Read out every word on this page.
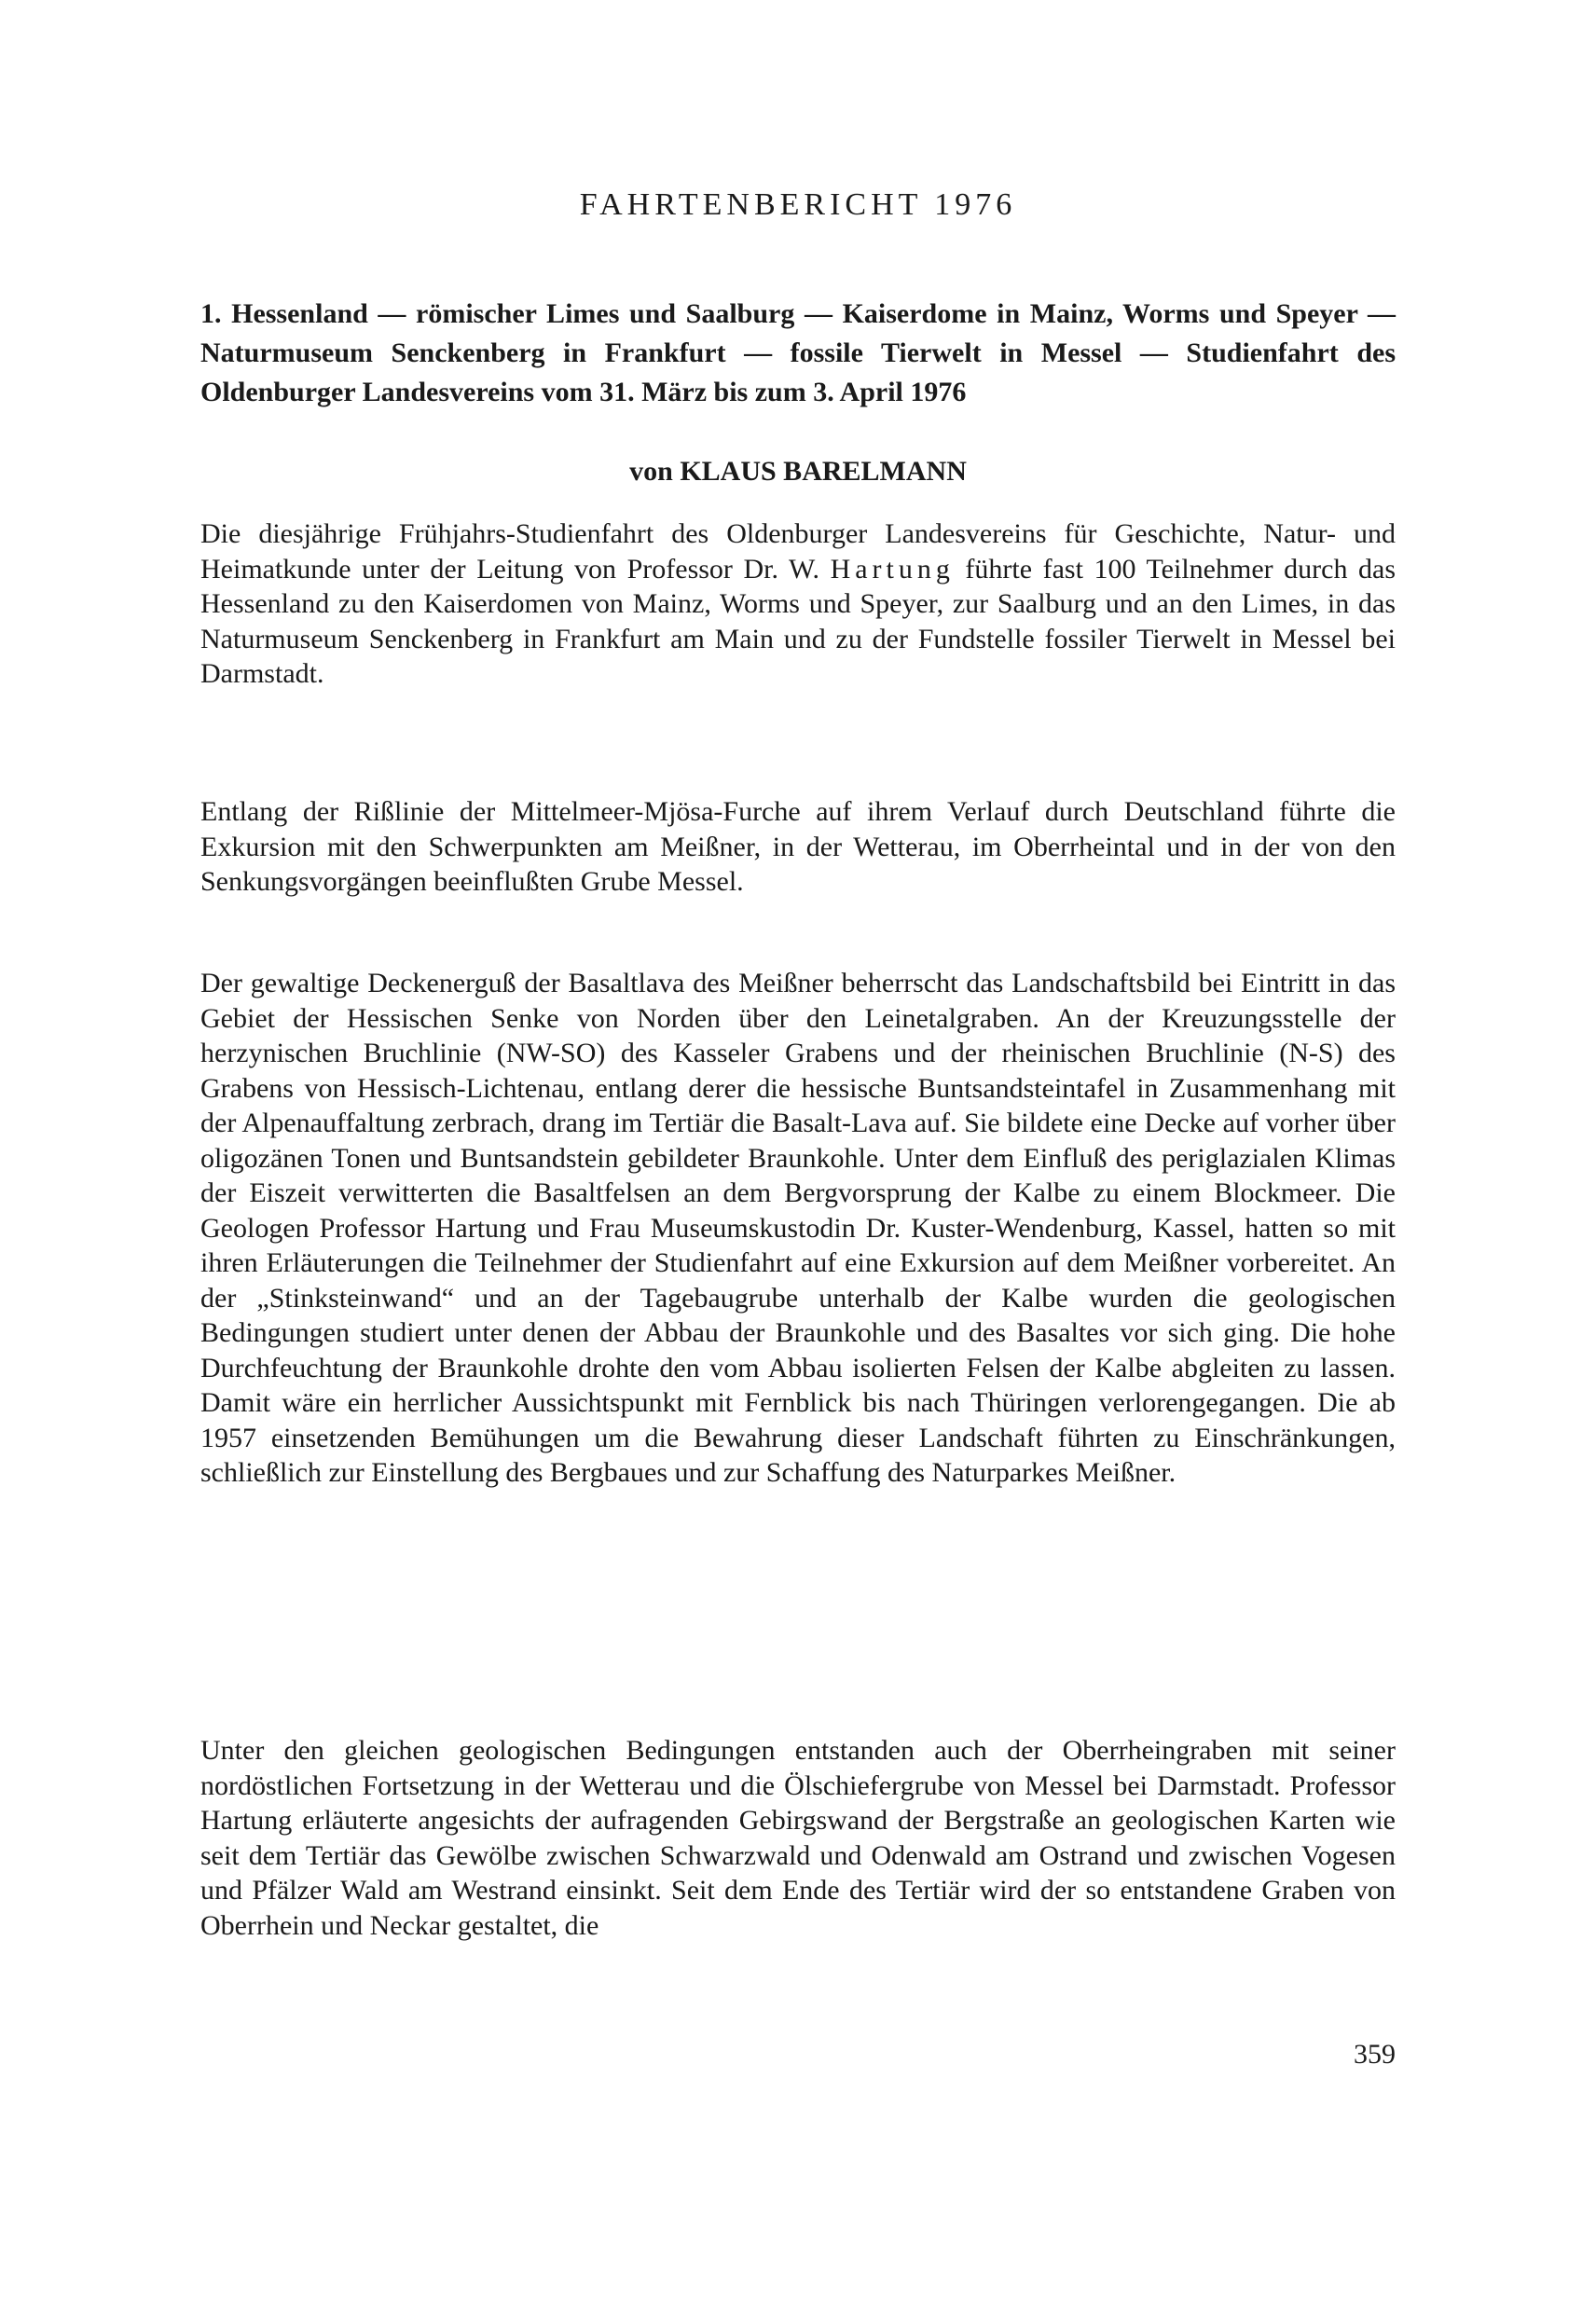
FAHRTENBERICHT 1976
1. Hessenland — römischer Limes und Saalburg — Kaiserdome in Mainz, Worms und Speyer — Naturmuseum Senckenberg in Frankfurt — fossile Tierwelt in Messel — Studienfahrt des Oldenburger Landesvereins vom 31. März bis zum 3. April 1976
von KLAUS BARELMANN

Die diesjährige Frühjahrs-Studienfahrt des Oldenburger Landesvereins für Geschichte, Natur- und Heimatkunde unter der Leitung von Professor Dr. W. Hartung führte fast 100 Teilnehmer durch das Hessenland zu den Kaiserdomen von Mainz, Worms und Speyer, zur Saalburg und an den Limes, in das Naturmuseum Senckenberg in Frankfurt am Main und zu der Fundstelle fossiler Tierwelt in Messel bei Darmstadt.

Entlang der Rißlinie der Mittelmeer-Mjösa-Furche auf ihrem Verlauf durch Deutschland führte die Exkursion mit den Schwerpunkten am Meißner, in der Wetterau, im Oberrheintal und in der von den Senkungsvorgängen beeinflußten Grube Messel.

Der gewaltige Deckenerguß der Basaltlava des Meißner beherrscht das Landschaftsbild bei Eintritt in das Gebiet der Hessischen Senke von Norden über den Leinetalgraben. An der Kreuzungsstelle der herzynischen Bruchlinie (NW-SO) des Kasseler Grabens und der rheinischen Bruchlinie (N-S) des Grabens von Hessisch-Lichtenau, entlang derer die hessische Buntsandsteintafel in Zusammenhang mit der Alpenauffaltung zerbrach, drang im Tertiär die Basalt-Lava auf. Sie bildete eine Decke auf vorher über oligozänen Tonen und Buntsandstein gebildeter Braunkohle. Unter dem Einfluß des periglazialen Klimas der Eiszeit verwitterten die Basaltfelsen an dem Bergvorsprung der Kalbe zu einem Blockmeer. Die Geologen Professor Hartung und Frau Museumskustodin Dr. Kuster-Wendenburg, Kassel, hatten so mit ihren Erläuterungen die Teilnehmer der Studienfahrt auf eine Exkursion auf dem Meißner vorbereitet. An der „Stinksteinwand“ und an der Tagebaugrube unterhalb der Kalbe wurden die geologischen Bedingungen studiert unter denen der Abbau der Braunkohle und des Basaltes vor sich ging. Die hohe Durchfeuchtung der Braunkohle drohte den vom Abbau isolierten Felsen der Kalbe abgleiten zu lassen. Damit wäre ein herrlicher Aussichtspunkt mit Fernblick bis nach Thüringen verlorengegangen. Die ab 1957 einsetzenden Bemühungen um die Bewahrung dieser Landschaft führten zu Einschränkungen, schließlich zur Einstellung des Bergbaues und zur Schaffung des Naturparkes Meißner.

Unter den gleichen geologischen Bedingungen entstanden auch der Oberrheingraben mit seiner nordöstlichen Fortsetzung in der Wetterau und die Ölschiefergrube von Messel bei Darmstadt. Professor Hartung erläuterte angesichts der aufragenden Gebirgswand der Bergstraße an geologischen Karten wie seit dem Tertiär das Gewölbe zwischen Schwarzwald und Odenwald am Ostrand und zwischen Vogesen und Pfälzer Wald am Westrand einsinkt. Seit dem Ende des Tertiär wird der so entstandene Graben von Oberrhein und Neckar gestaltet, die

359
